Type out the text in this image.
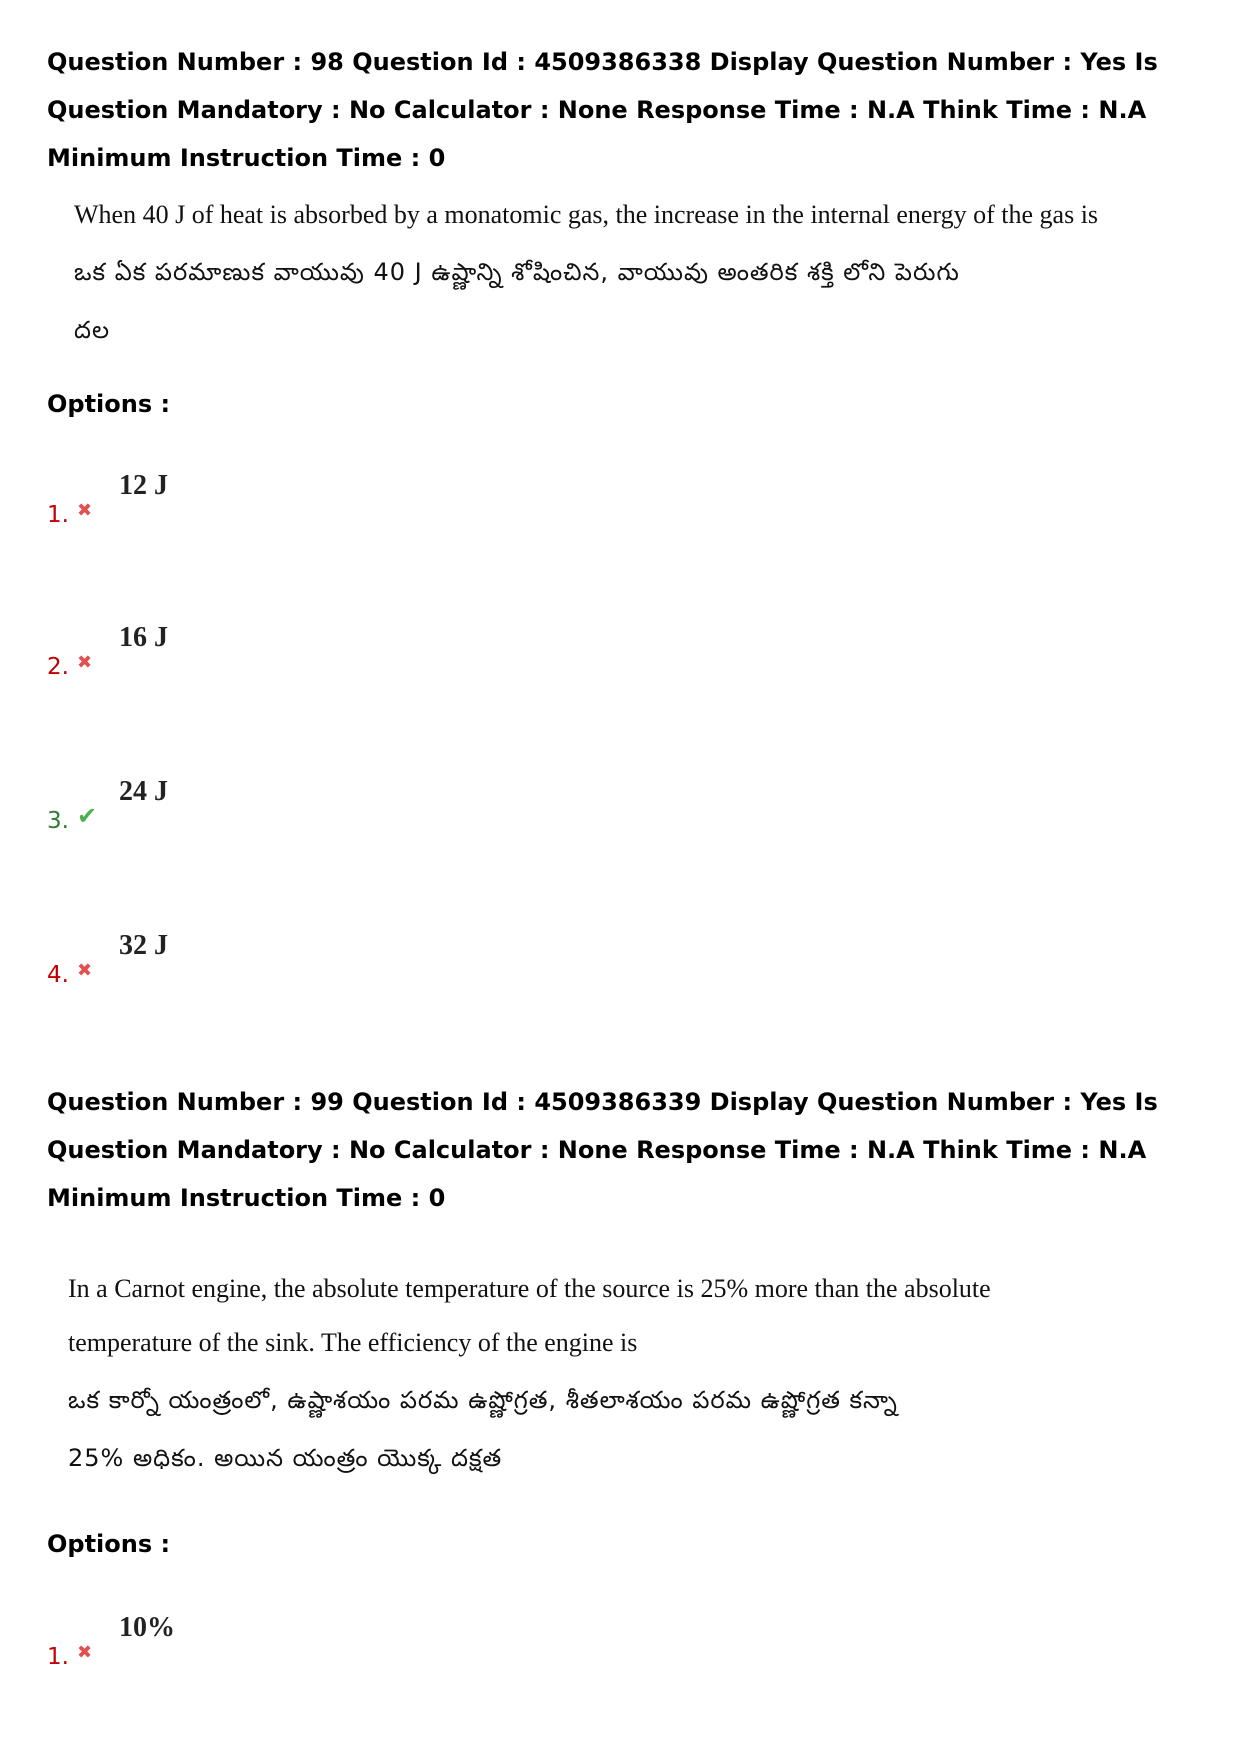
Question Number : 98 Question Id : 4509386338 Display Question Number : Yes Is Question Mandatory : No Calculator : None Response Time : N.A Think Time : N.A Minimum Instruction Time : 0

When 40 J of heat is absorbed by a monatomic gas, the increase in the internal energy of the gas is
ఒక ఏక పరమాణుక వాయువు 40 J ఉష్ణాన్ని శోషించిన, వాయువు అంతరిక శక్తి లోని పెరుగు
దల
Options :
1. ✖
12 J
2. ✖
16 J
3. ✔
24 J
4. ✖
32 J

Question Number : 99 Question Id : 4509386339 Display Question Number : Yes Is Question Mandatory : No Calculator : None Response Time : N.A Think Time : N.A Minimum Instruction Time : 0

In a Carnot engine, the absolute temperature of the source is 25% more than the absolute
temperature of the sink. The efficiency of the engine is
ఒక కార్నో యంత్రంలో, ఉష్ణాశయం పరమ ఉష్ణోగ్రత, శీతలాశయం పరమ ఉష్ణోగ్రత కన్నా
25% అధికం. అయిన యంత్రం యొక్క దక్షత
Options :
1. ✖
10%
